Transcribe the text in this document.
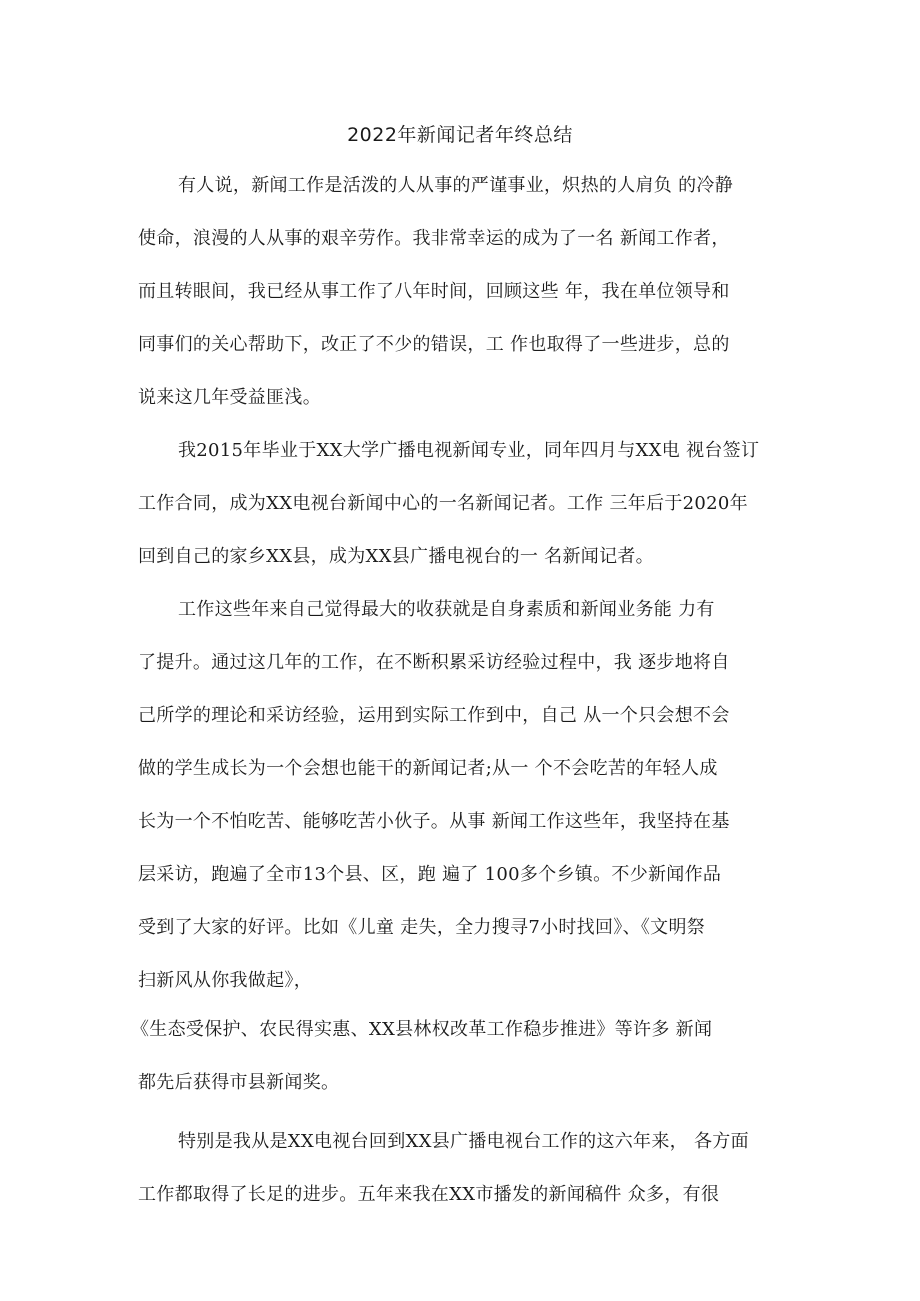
2022年新闻记者年终总结
有人说，新闻工作是活泼的人从事的严谨事业，炽热的人肩负 的冷静
使命，浪漫的人从事的艰辛劳作。我非常幸运的成为了一名 新闻工作者，
而且转眼间，我已经从事工作了八年时间，回顾这些 年，我在单位领导和
同事们的关心帮助下，改正了不少的错误，工 作也取得了一些进步，总的
说来这几年受益匪浅。
我2015年毕业于XX大学广播电视新闻专业，同年四月与XX电 视台签订
工作合同，成为XX电视台新闻中心的一名新闻记者。工作 三年后于2020年
回到自己的家乡XX县，成为XX县广播电视台的一 名新闻记者。
工作这些年来自己觉得最大的收获就是自身素质和新闻业务能 力有
了提升。通过这几年的工作，在不断积累采访经验过程中，我 逐步地将自
己所学的理论和采访经验，运用到实际工作到中，自己 从一个只会想不会
做的学生成长为一个会想也能干的新闻记者;从一 个不会吃苦的年轻人成
长为一个不怕吃苦、能够吃苦小伙子。从事 新闻工作这些年，我坚持在基
层采访，跑遍了全市13个县、区，跑 遍了 100多个乡镇。不少新闻作品
受到了大家的好评。比如《儿童 走失，全力搜寻7小时找回》、《文明祭
扫新风从你我做起》，
《生态受保护、农民得实惠、XX县林权改革工作稳步推进》等许多 新闻
都先后获得市县新闻奖。
特别是我从是XX电视台回到XX县广播电视台工作的这六年来， 各方面
工作都取得了长足的进步。五年来我在XX市播发的新闻稿件 众多，有很
